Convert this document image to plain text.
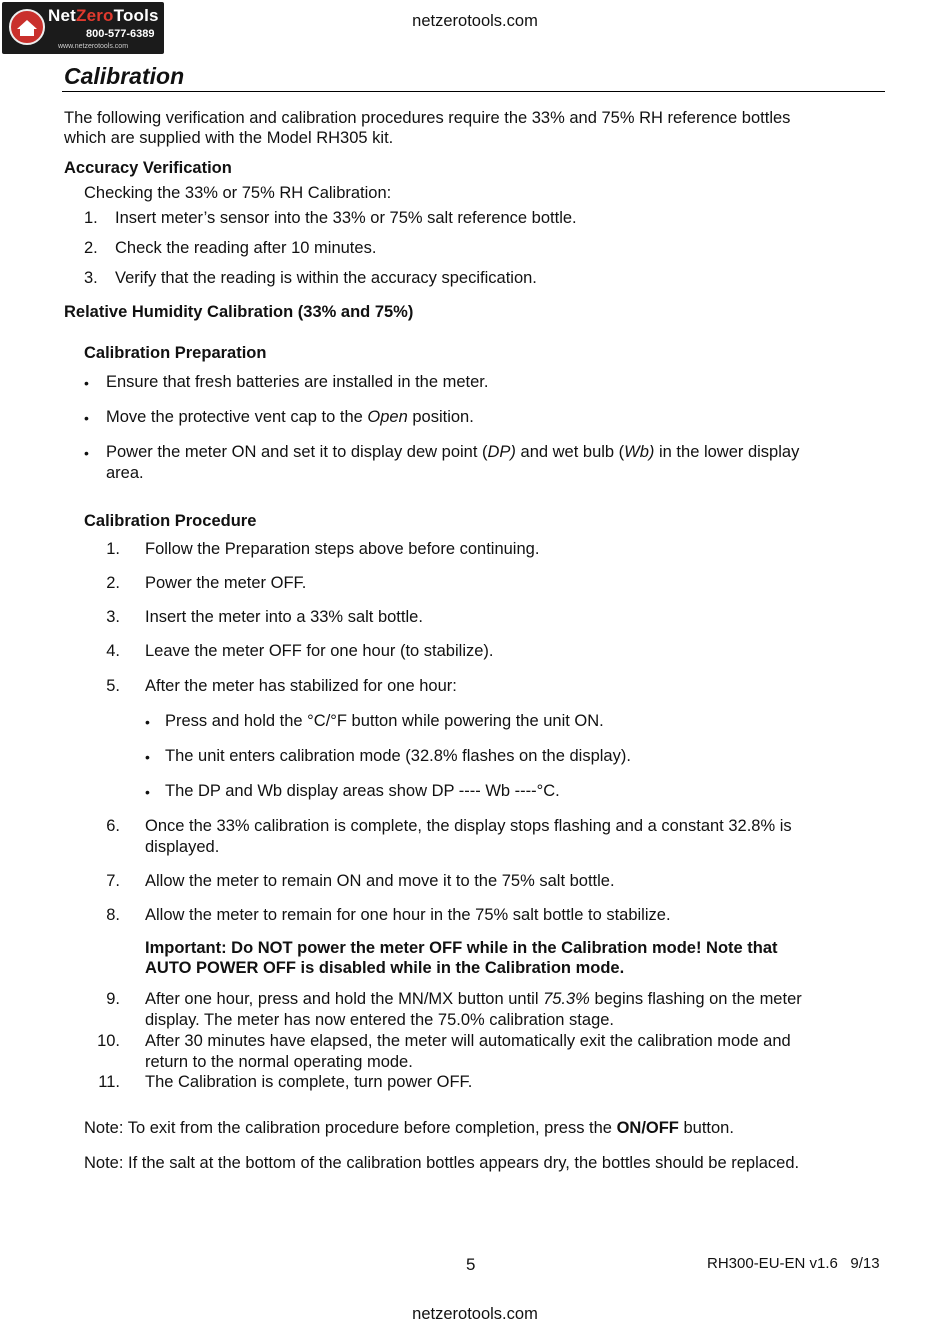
NetZeroTools
800-577-6389
www.netzerotools.com
netzerotools.com
Calibration
The following verification and calibration procedures require the 33% and 75% RH reference bottles
which are supplied with the Model RH305 kit.
Accuracy Verification
Checking the 33% or 75% RH Calibration:
1. Insert meter’s sensor into the 33% or 75% salt reference bottle.
2. Check the reading after 10 minutes.
3. Verify that the reading is within the accuracy specification.
Relative Humidity Calibration (33% and 75%)
Calibration Preparation
• Ensure that fresh batteries are installed in the meter.
• Move the protective vent cap to the Open position.
• Power the meter ON and set it to display dew point (DP) and wet bulb (Wb) in the lower display
area.
Calibration Procedure
1. Follow the Preparation steps above before continuing.
2. Power the meter OFF.
3. Insert the meter into a 33% salt bottle.
4. Leave the meter OFF for one hour (to stabilize).
5. After the meter has stabilized for one hour:
• Press and hold the °C/°F button while powering the unit ON.
• The unit enters calibration mode (32.8% flashes on the display).
• The DP and Wb display areas show DP ---- Wb ----°C.
6. Once the 33% calibration is complete, the display stops flashing and a constant 32.8% is
displayed.
7. Allow the meter to remain ON and move it to the 75% salt bottle.
8. Allow the meter to remain for one hour in the 75% salt bottle to stabilize.
Important: Do NOT power the meter OFF while in the Calibration mode! Note that
AUTO POWER OFF is disabled while in the Calibration mode.
9. After one hour, press and hold the MN/MX button until 75.3% begins flashing on the meter
display. The meter has now entered the 75.0% calibration stage.
10. After 30 minutes have elapsed, the meter will automatically exit the calibration mode and
return to the normal operating mode.
11. The Calibration is complete, turn power OFF.
Note: To exit from the calibration procedure before completion, press the ON/OFF button.
Note: If the salt at the bottom of the calibration bottles appears dry, the bottles should be replaced.
5	RH300-EU-EN v1.6   9/13
netzerotools.com
